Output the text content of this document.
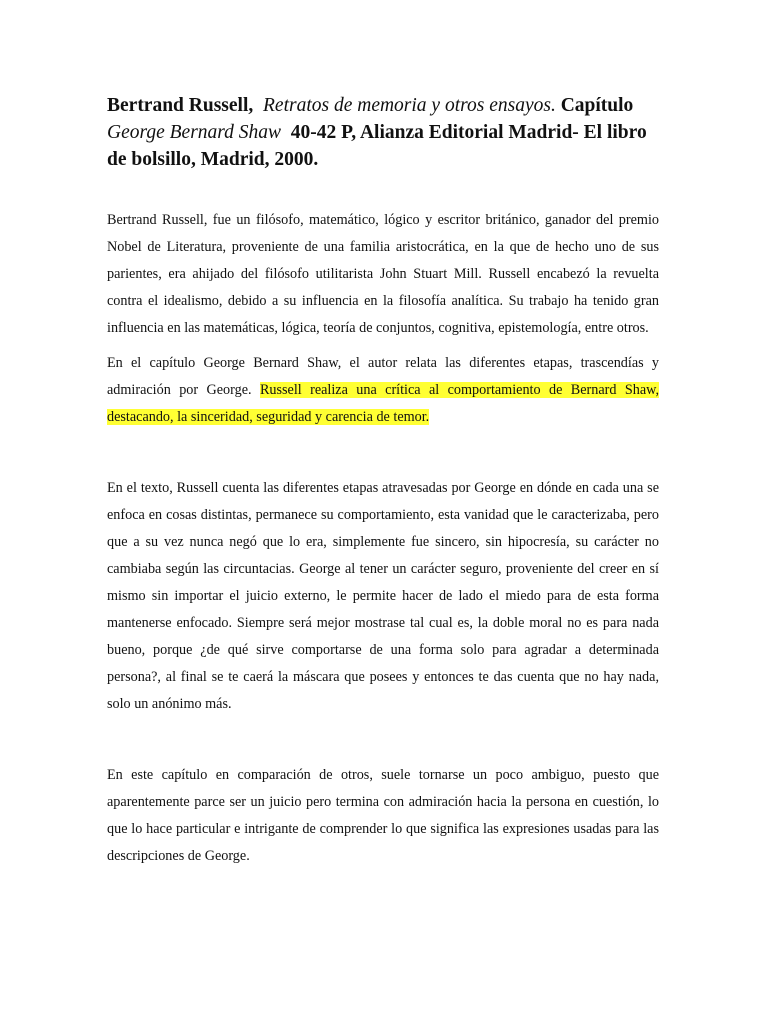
Bertrand Russell, Retratos de memoria y otros ensayos. Capítulo George Bernard Shaw 40-42 P, Alianza Editorial Madrid- El libro de bolsillo, Madrid, 2000.

Bertrand Russell, fue un filósofo, matemático, lógico y escritor británico, ganador del premio Nobel de Literatura, proveniente de una familia aristocrática, en la que de hecho uno de sus parientes, era ahijado del filósofo utilitarista John Stuart Mill. Russell encabezó la revuelta contra el idealismo, debido a su influencia en la filosofía analítica. Su trabajo ha tenido gran influencia en las matemáticas, lógica, teoría de conjuntos, cognitiva, epistemología, entre otros.

En el capítulo George Bernard Shaw, el autor relata las diferentes etapas, trascendías y admiración por George. Russell realiza una crítica al comportamiento de Bernard Shaw, destacando, la sinceridad, seguridad y carencia de temor.

En el texto, Russell cuenta las diferentes etapas atravesadas por George en dónde en cada una se enfoca en cosas distintas, permanece su comportamiento, esta vanidad que le caracterizaba, pero que a su vez nunca negó que lo era, simplemente fue sincero, sin hipocresía, su carácter no cambiaba según las circuntacias. George al tener un carácter seguro, proveniente del creer en sí mismo sin importar el juicio externo, le permite hacer de lado el miedo para de esta forma mantenerse enfocado. Siempre será mejor mostrase tal cual es, la doble moral no es para nada bueno, porque ¿de qué sirve comportarse de una forma solo para agradar a determinada persona?, al final se te caerá la máscara que posees y entonces te das cuenta que no hay nada, solo un anónimo más.

En este capítulo en comparación de otros, suele tornarse un poco ambiguo, puesto que aparentemente parce ser un juicio pero termina con admiración hacia la persona en cuestión, lo que lo hace particular e intrigante de comprender lo que significa las expresiones usadas para las descripciones de George.
